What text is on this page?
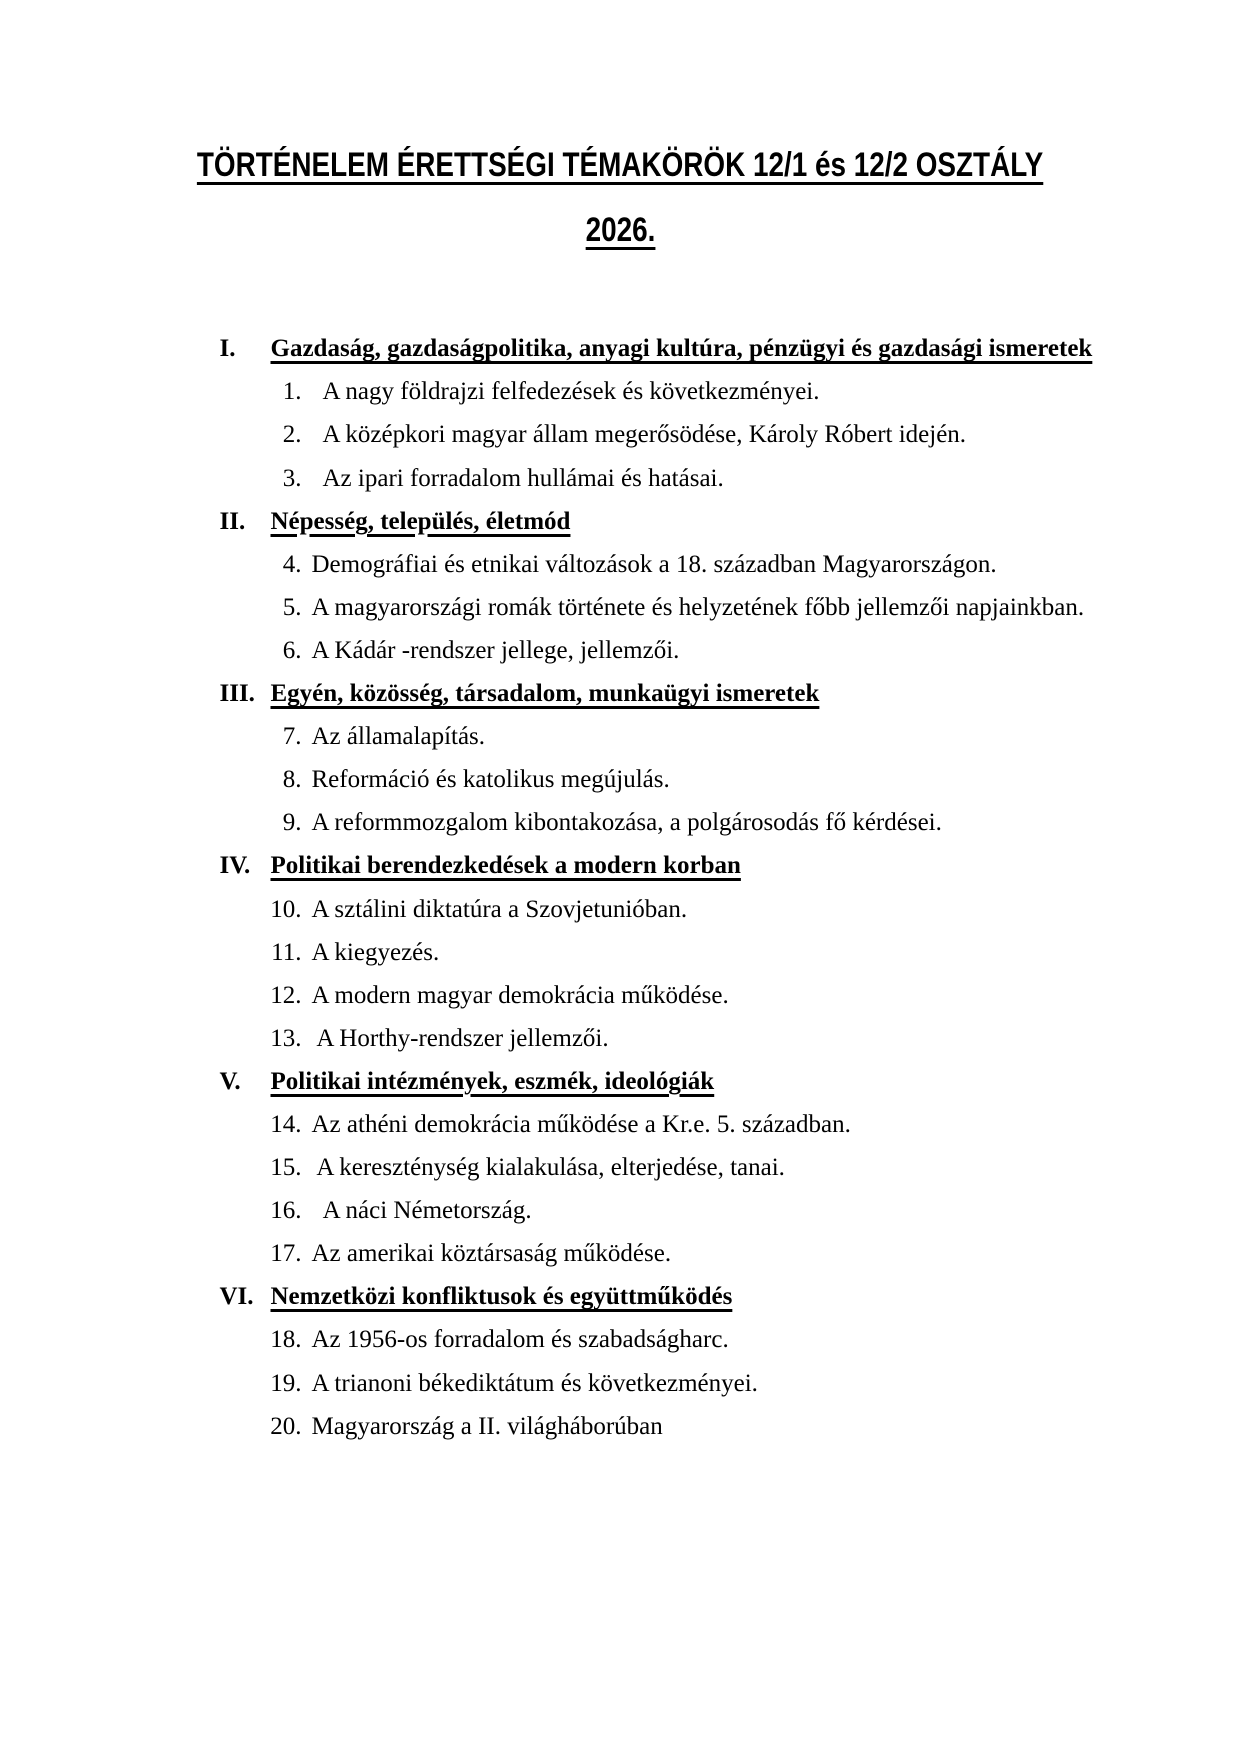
TÖRTÉNELEM ÉRETTSÉGI TÉMAKÖRÖK 12/1 és 12/2 OSZTÁLY
2026.

I. Gazdaság, gazdaságpolitika, anyagi kultúra, pénzügyi és gazdasági ismeretek

1. A nagy földrajzi felfedezések és következményei.

2. A középkori magyar állam megerősödése, Károly Róbert idején.

3. Az ipari forradalom hullámai és hatásai.

II. Népesség, település, életmód

4. Demográfiai és etnikai változások a 18. században Magyarországon.

5. A magyarországi romák története és helyzetének főbb jellemzői napjainkban.

6. A Kádár -rendszer jellege, jellemzői.

III. Egyén, közösség, társadalom, munkaügyi ismeretek

7. Az államalapítás.

8. Reformáció és katolikus megújulás.

9. A reformmozgalom kibontakozása, a polgárosodás fő kérdései.

IV. Politikai berendezkedések a modern korban

10. A sztálini diktatúra a Szovjetunióban.

11. A kiegyezés.

12. A modern magyar demokrácia működése.

13. A Horthy-rendszer jellemzői.

V. Politikai intézmények, eszmék, ideológiák

14. Az athéni demokrácia működése a Kr.e. 5. században.

15. A kereszténység kialakulása, elterjedése, tanai.

16.  A náci Németország.

17. Az amerikai köztársaság működése.

VI. Nemzetközi konfliktusok és együttműködés

18. Az 1956-os forradalom és szabadságharc.

19. A trianoni békediktátum és következményei.

20. Magyarország a II. világháborúban
